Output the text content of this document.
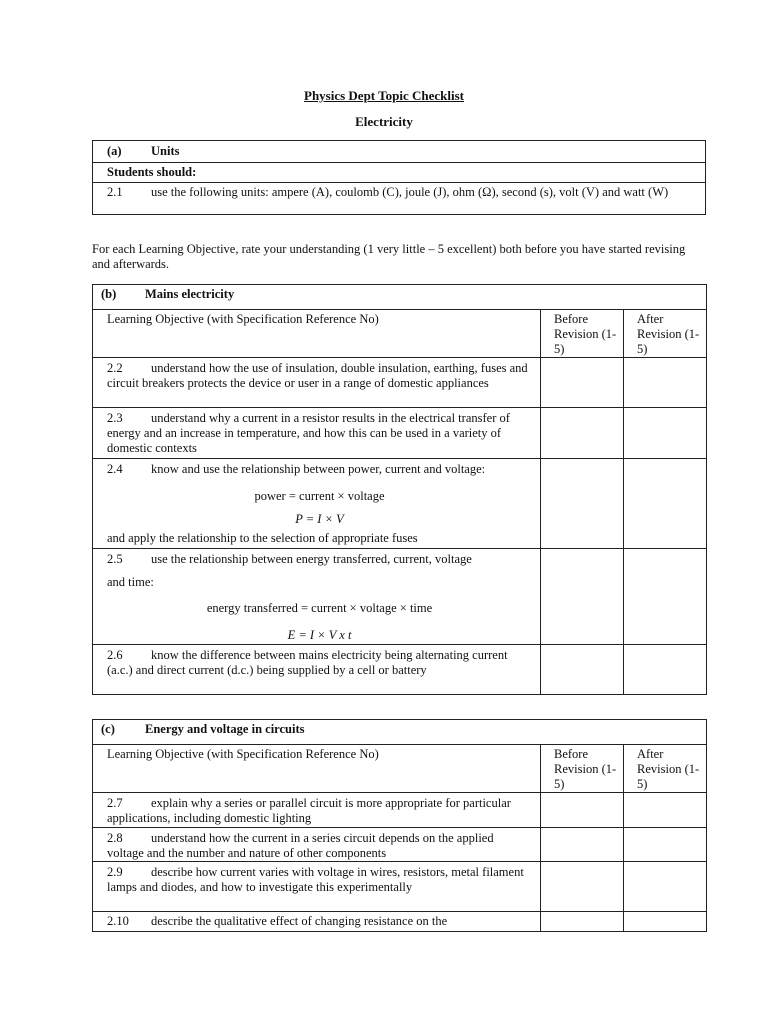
Physics Dept Topic Checklist
Electricity
(a) Units
Students should:

2.1	use the following units: ampere (A), coulomb (C), joule (J), ohm (Ω), second (s), volt (V) and watt (W)
For each Learning Objective, rate your understanding (1 very little – 5 excellent) both before you have started revising and afterwards.
(b) Mains electricity		
Learning Objective (with Specification Reference No)	Before Revision (1-5)	After Revision (1-5)
2.2 understand how the use of insulation, double insulation, earthing, fuses and circuit breakers protects the device or user in a range of domestic appliances		
2.3 understand why a current in a resistor results in the electrical transfer of energy and an increase in temperature, and how this can be used in a variety of domestic contexts		
2.4 know and use the relationship between power, current and voltage:
power = current × voltage
P = I × V
and apply the relationship to the selection of appropriate fuses		

2.5 use the relationship between energy transferred, current, voltage
and time:
energy transferred = current × voltage × time
E = I × V x t		

2.6 know the difference between mains electricity being alternating current (a.c.) and direct current (d.c.) being supplied by a cell or battery		
(c) Energy and voltage in circuits		
Learning Objective (with Specification Reference No)	Before Revision (1-5)	After Revision (1-5)
2.7 explain why a series or parallel circuit is more appropriate for particular applications, including domestic lighting		
2.8 understand how the current in a series circuit depends on the applied voltage and the number and nature of other components		
2.9 describe how current varies with voltage in wires, resistors, metal filament lamps and diodes, and how to investigate this experimentally		
2.10 describe the qualitative effect of changing resistance on the		
